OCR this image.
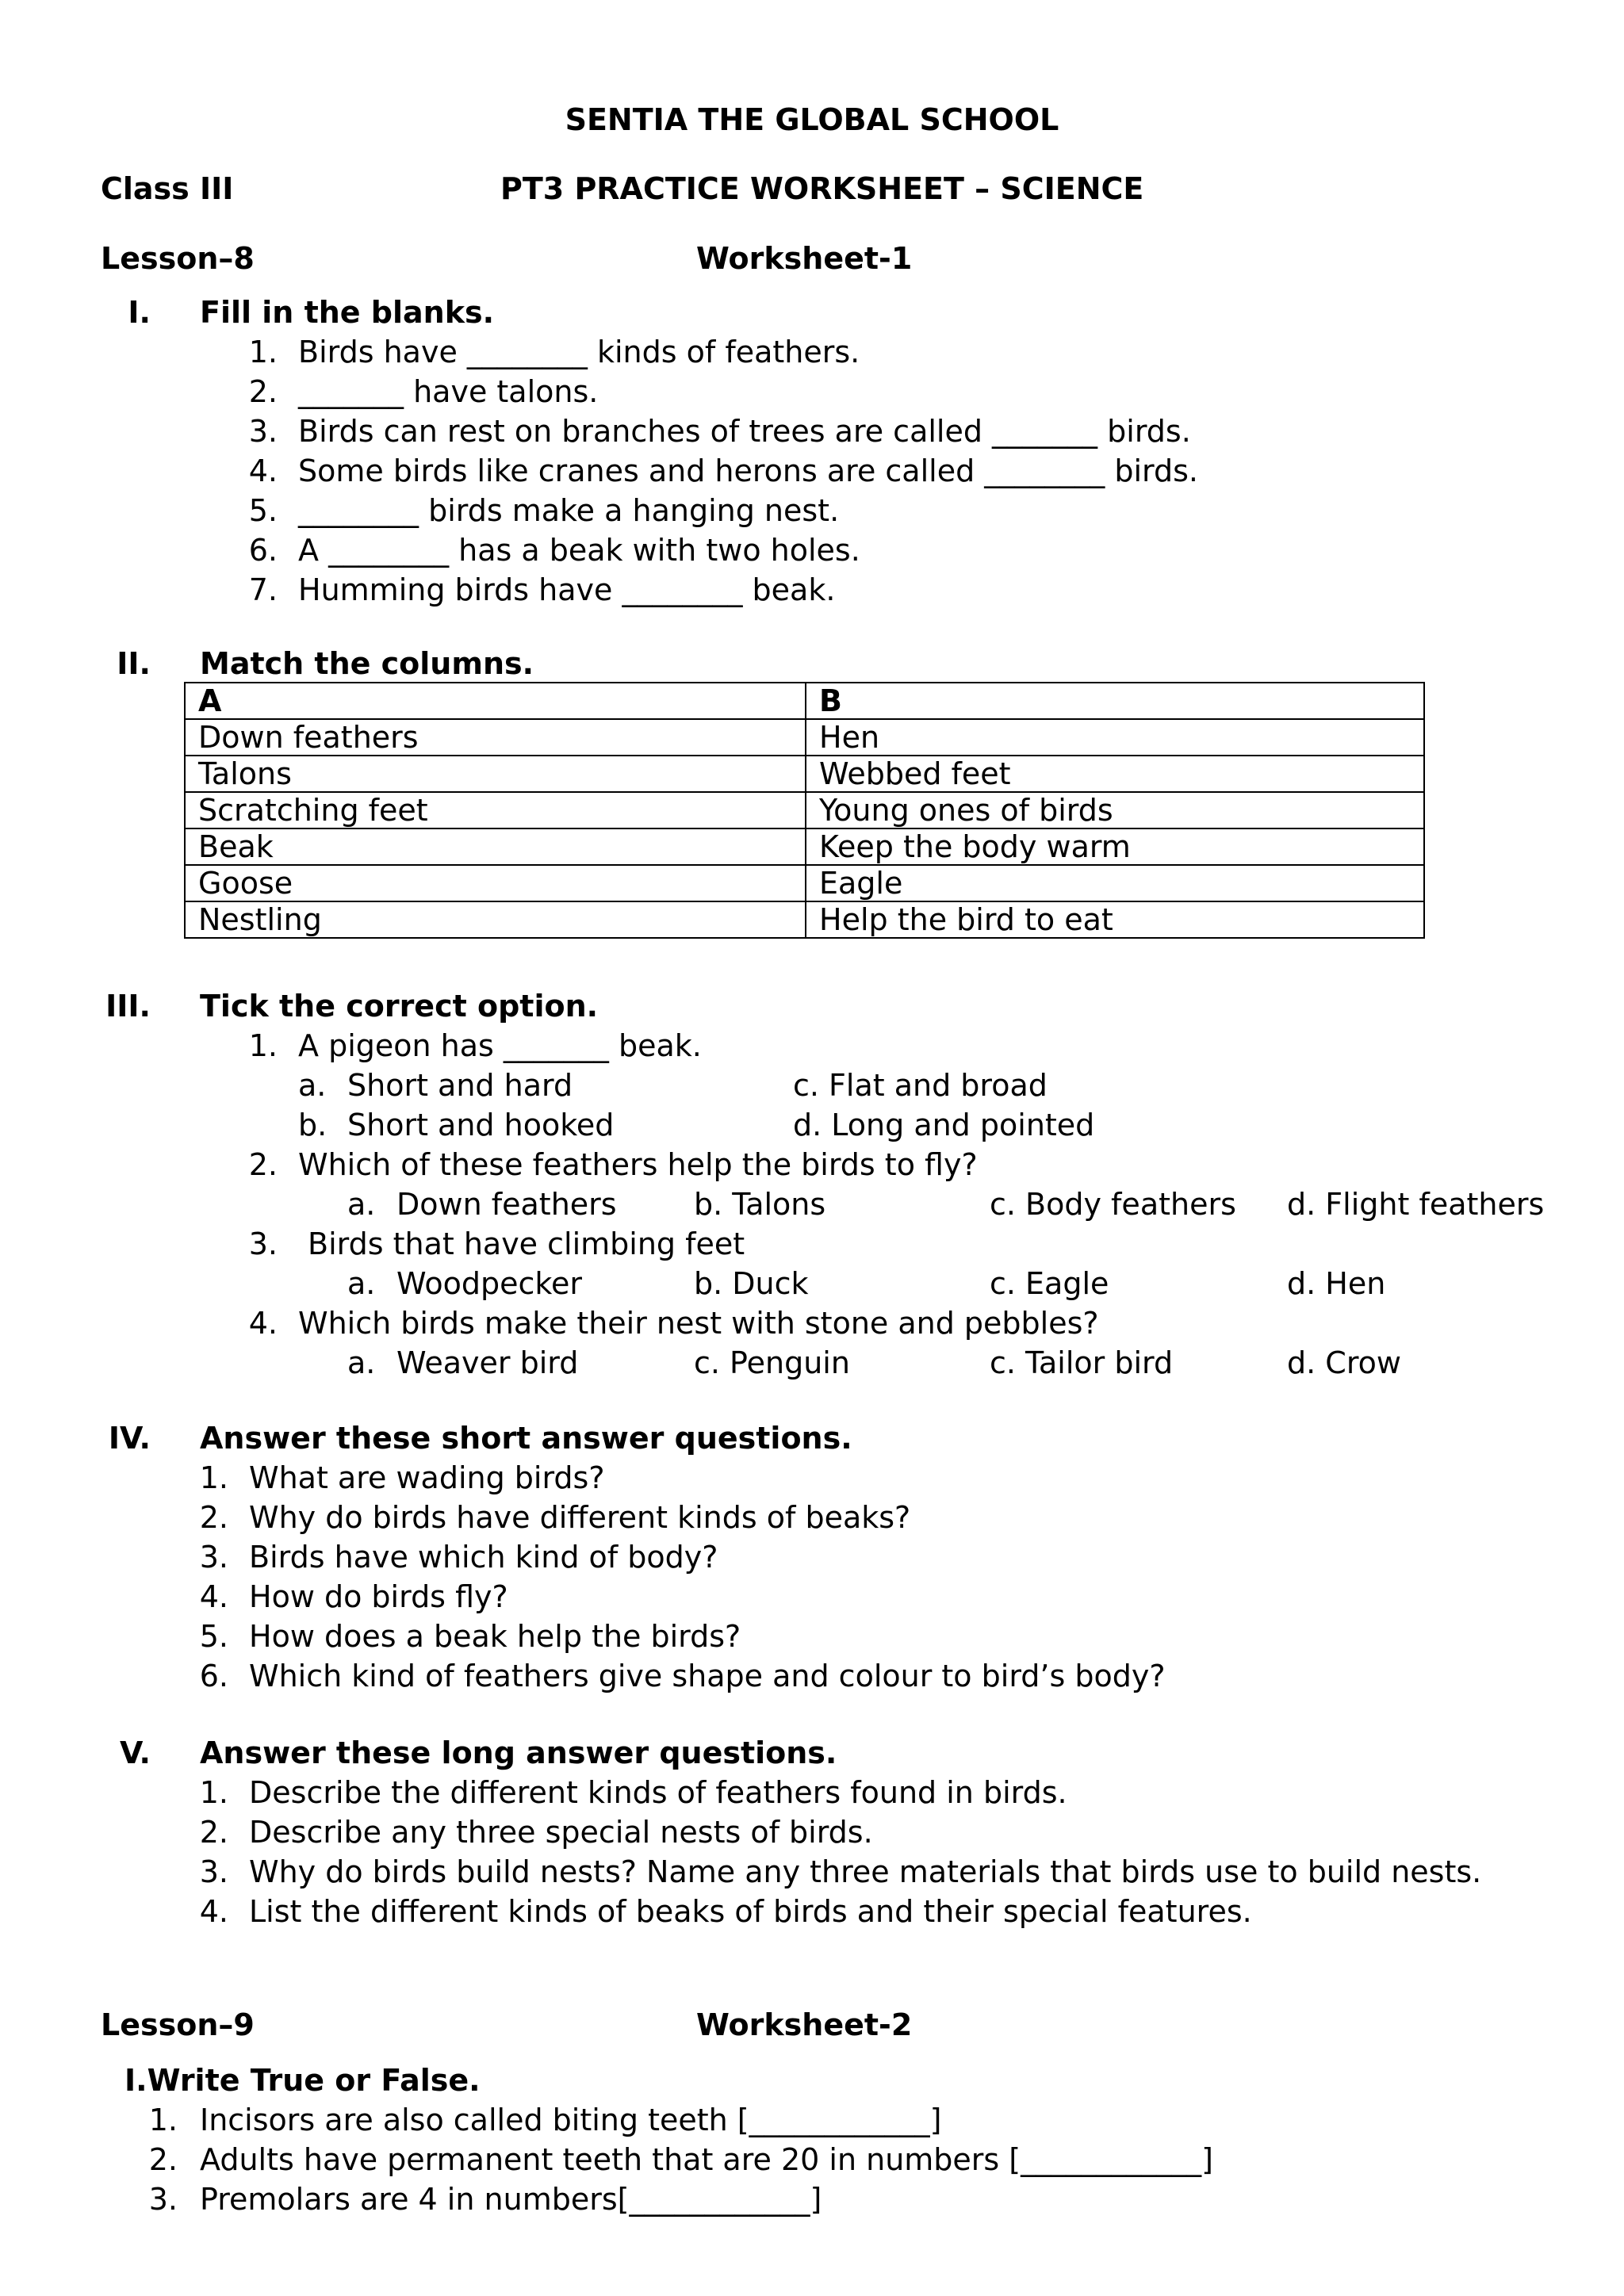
SENTIA THE GLOBAL SCHOOL
Class III	PT3 PRACTICE WORKSHEET – SCIENCE
Lesson–8	Worksheet-1
I. Fill in the blanks.
1. Birds have ________ kinds of feathers.
2. _______ have talons.
3. Birds can rest on branches of trees are called _______ birds.
4. Some birds like cranes and herons are called ________ birds.
5. ________ birds make a hanging nest.
6. A ________ has a beak with two holes.
7. Humming birds have ________ beak.
II. Match the columns.
A	B
Down feathers	Hen
Talons	Webbed feet
Scratching feet	Young ones of birds
Beak	Keep the body warm
Goose	Eagle
Nestling	Help the bird to eat
III. Tick the correct option.
1. A pigeon has _______ beak.
a. Short and hard	c. Flat and broad
b. Short and hooked	d. Long and pointed
2. Which of these feathers help the birds to fly?
a. Down feathers	b. Talons	c. Body feathers d. Flight feathers
3. Birds that have climbing feet
a. Woodpecker	b. Duck	c. Eagle	d. Hen
4. Which birds make their nest with stone and pebbles?
a. Weaver bird	c. Penguin	c. Tailor bird	d. Crow
IV. Answer these short answer questions.
1. What are wading birds?
2. Why do birds have different kinds of beaks?
3. Birds have which kind of body?
4. How do birds fly?
5. How does a beak help the birds?
6. Which kind of feathers give shape and colour to bird’s body?
V. Answer these long answer questions.
1. Describe the different kinds of feathers found in birds.
2. Describe any three special nests of birds.
3. Why do birds build nests? Name any three materials that birds use to build nests.
4. List the different kinds of beaks of birds and their special features.
Lesson–9	Worksheet-2
I.Write True or False.
1. Incisors are also called biting teeth [____________]
2. Adults have permanent teeth that are 20 in numbers [____________]
3. Premolars are 4 in numbers[____________]
